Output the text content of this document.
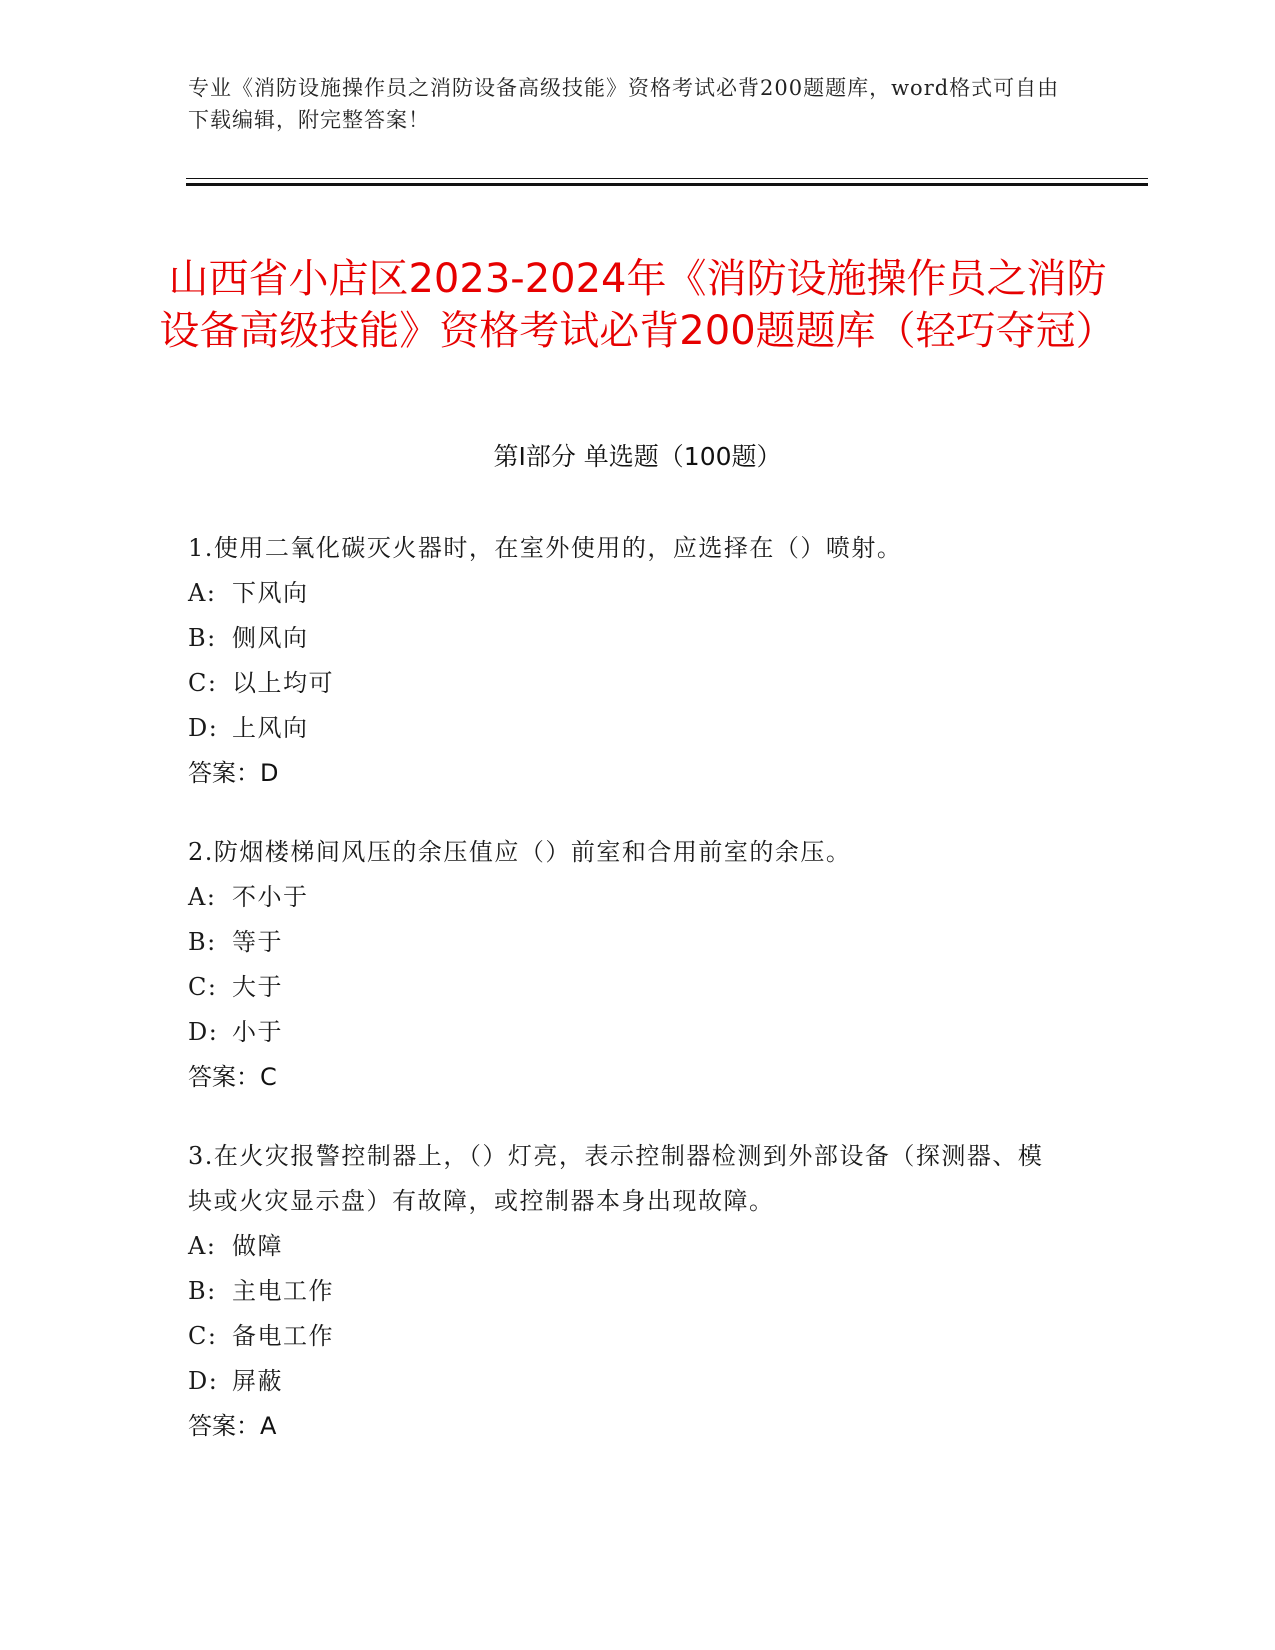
专业《消防设施操作员之消防设备高级技能》资格考试必背200题题库，word格式可自由下载编辑，附完整答案！
山西省小店区2023-2024年《消防设施操作员之消防设备高级技能》资格考试必背200题题库（轻巧夺冠）
第I部分 单选题（100题）
1.使用二氧化碳灭火器时，在室外使用的，应选择在（）喷射。
A: 下风向
B: 侧风向
C: 以上均可
D: 上风向
答案：D
2.防烟楼梯间风压的余压值应（）前室和合用前室的余压。
A: 不小于
B: 等于
C: 大于
D: 小于
答案：C
3.在火灾报警控制器上，（）灯亮，表示控制器检测到外部设备（探测器、模块或火灾显示盘）有故障，或控制器本身出现故障。
A: 做障
B: 主电工作
C: 备电工作
D: 屏蔽
答案：A
